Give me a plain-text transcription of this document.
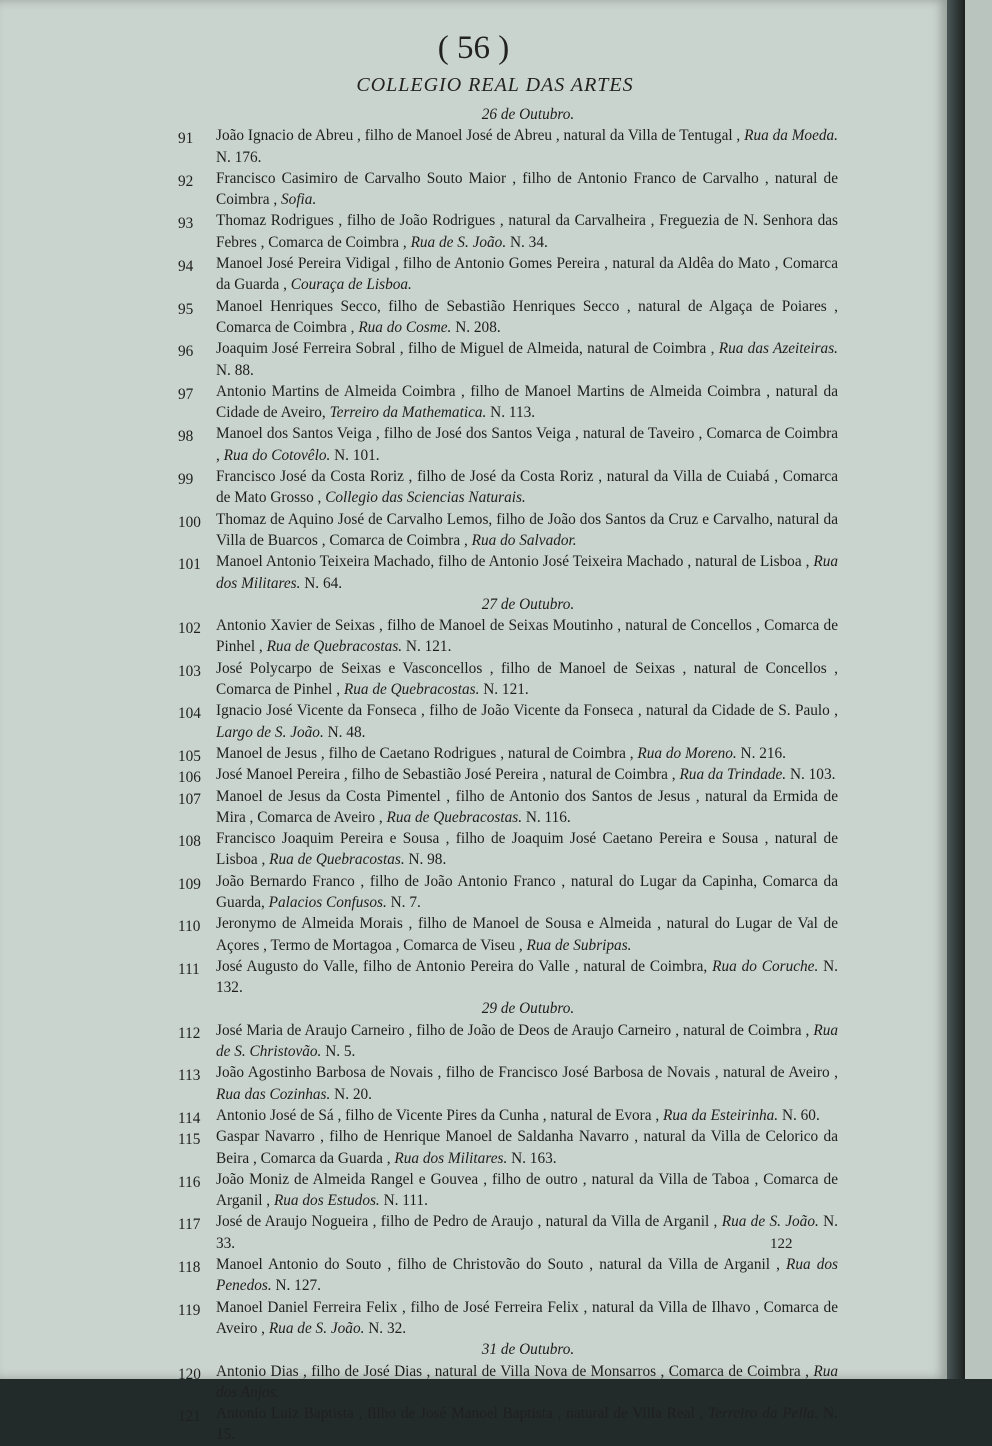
( 56 )
COLLEGIO REAL DAS ARTES
26 de Outubro.
91	João Ignacio de Abreu , filho de Manoel José de Abreu , natural da Villa de Tentugal , Rua da Moeda. N. 176.
92	Francisco Casimiro de Carvalho Souto Maior , filho de Antonio Franco de Carvalho , natural de Coimbra , Sofia.
93	Thomaz Rodrigues , filho de João Rodrigues , natural da Carvalheira , Freguezia de N. Senhora das Febres , Comarca de Coimbra , Rua de S. João. N. 34.
94	Manoel José Pereira Vidigal , filho de Antonio Gomes Pereira , natural da Aldêa do Mato , Comarca da Guarda , Couraça de Lisboa.
95	Manoel Henriques Secco, filho de Sebastião Henriques Secco , natural de Algaça de Poiares , Comarca de Coimbra , Rua do Cosme. N. 208.
96	Joaquim José Ferreira Sobral , filho de Miguel de Almeida, natural de Coimbra , Rua das Azeiteiras. N. 88.
97	Antonio Martins de Almeida Coimbra , filho de Manoel Martins de Almeida Coimbra , natural da Cidade de Aveiro, Terreiro da Mathematica. N. 113.
98	Manoel dos Santos Veiga , filho de José dos Santos Veiga , natural de Taveiro , Comarca de Coimbra , Rua do Cotovêlo. N. 101.
99	Francisco José da Costa Roriz , filho de José da Costa Roriz , natural da Villa de Cuiabá , Comarca de Mato Grosso , Collegio das Sciencias Naturais.
100 Thomaz de Aquino José de Carvalho Lemos, filho de João dos Santos da Cruz e Carvalho, natural da Villa de Buarcos , Comarca de Coimbra , Rua do Salvador.
101 Manoel Antonio Teixeira Machado, filho de Antonio José Teixeira Machado , natural de Lisboa , Rua dos Militares. N. 64.
27 de Outubro.
102 Antonio Xavier de Seixas , filho de Manoel de Seixas Moutinho , natural de Concellos , Comarca de Pinhel , Rua de Quebracostas. N. 121.
103 José Polycarpo de Seixas e Vasconcellos , filho de Manoel de Seixas , natural de Concellos , Comarca de Pinhel , Rua de Quebracostas. N. 121.
104 Ignacio José Vicente da Fonseca , filho de João Vicente da Fonseca , natural da Cidade de S. Paulo , Largo de S. João. N. 48.
105 Manoel de Jesus , filho de Caetano Rodrigues , natural de Coimbra , Rua do Moreno. N. 216.
106 José Manoel Pereira , filho de Sebastião José Pereira , natural de Coimbra , Rua da Trindade. N. 103.
107 Manoel de Jesus da Costa Pimentel , filho de Antonio dos Santos de Jesus , natural da Ermida de Mira , Comarca de Aveiro , Rua de Quebracostas. N. 116.
108 Francisco Joaquim Pereira e Sousa , filho de Joaquim José Caetano Pereira e Sousa , natural de Lisboa , Rua de Quebracostas. N. 98.
109 João Bernardo Franco , filho de João Antonio Franco , natural do Lugar da Capinha, Comarca da Guarda, Palacios Confusos. N. 7.
110	Jeronymo de Almeida Morais , filho de Manoel de Sousa e Almeida , natural do Lugar de Val de Açores , Termo de Mortagoa , Comarca de Viseu , Rua de Subripas.
111	José Augusto do Valle, filho de Antonio Pereira do Valle , natural de Coimbra, Rua do Coruche. N. 132.
29 de Outubro.
112	José Maria de Araujo Carneiro , filho de João de Deos de Araujo Carneiro , natural de Coimbra , Rua de S. Christovão. N. 5.
113	João Agostinho Barbosa de Novais , filho de Francisco José Barbosa de Novais , natural de Aveiro , Rua das Cozinhas. N. 20.
114	Antonio José de Sá , filho de Vicente Pires da Cunha , natural de Evora , Rua da Esteirinha. N. 60.
115	Gaspar Navarro , filho de Henrique Manoel de Saldanha Navarro , natural da Villa de Celorico da Beira , Comarca da Guarda , Rua dos Militares. N. 163.
116	João Moniz de Almeida Rangel e Gouvea , filho de outro , natural da Villa de Taboa , Comarca de Arganil , Rua dos Estudos. N. 111.
117	José de Araujo Nogueira , filho de Pedro de Araujo , natural da Villa de Arganil , Rua de S. João. N. 33.
118	Manoel Antonio do Souto , filho de Christovão do Souto , natural da Villa de Arganil , Rua dos Penedos. N. 127.
119	Manoel Daniel Ferreira Felix , filho de José Ferreira Felix , natural da Villa de Ilhavo , Comarca de Aveiro , Rua de S. João. N. 32.
31 de Outubro.
120 Antonio Dias , filho de José Dias , natural de Villa Nova de Monsarros , Comarca de Coimbra , Rua dos Anjos.
121 Antonio Luiz Baptista , filho de José Manoel Baptista , natural de Villa Real , Terreiro da Pella. N. 15.
122
